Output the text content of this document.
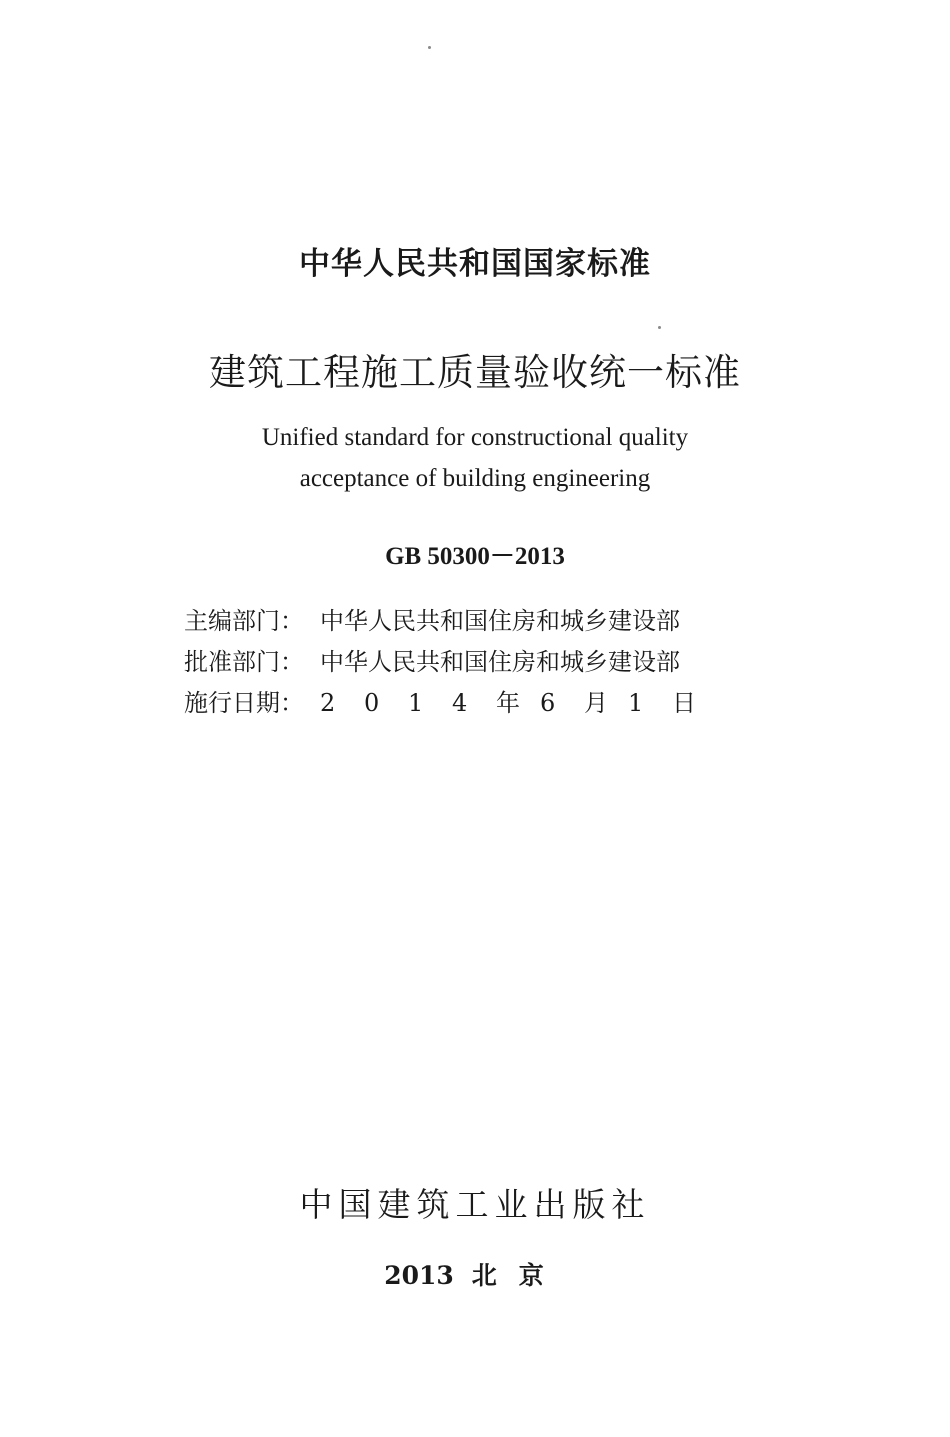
中华人民共和国国家标准
建筑工程施工质量验收统一标准
Unified standard for constructional quality
acceptance of building engineering
GB 50300－2013
主编部门： 中华人民共和国住房和城乡建设部
批准部门： 中华人民共和国住房和城乡建设部
施行日期： 2 0 1 4 年 6 月 1 日
中国建筑工业出版社
2013 北京
